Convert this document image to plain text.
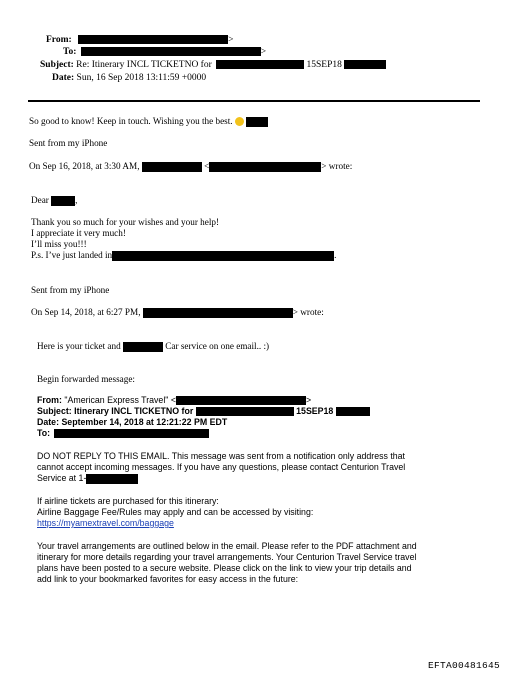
From:	>
To:	>
Subject: Re: Itinerary INCL TICKETNO for	15SEP18
Date: Sun, 16 Sep 2018 13:11:59 +0000
So good to know! Keep in touch. Wishing you the best.
Sent from my iPhone
On Sep 16, 2018, at 3:30 AM,	<	> wrote:
Dear	,
Thank you so much for your wishes and your help!
I appreciate it very much!
I’ll miss you!!!
P.s. I’ve just landed in	.
Sent from my iPhone
On Sep 14, 2018, at 6:27 PM,	> wrote:
Here is your ticket and	Car service on one email.. :)
Begin forwarded message:
From: "American Express Travel" <	>
Subject: Itinerary INCL TICKETNO for	15SEP18
Date: September 14, 2018 at 12:21:22 PM EDT
To:
DO NOT REPLY TO THIS EMAIL. This message was sent from a notification only address that
cannot accept incoming messages. If you have any questions, please contact Centurion Travel
Service at 1-
If airline tickets are purchased for this itinerary:
Airline Baggage Fee/Rules may apply and can be accessed by visiting:
https://myamextravel.com/baggage
Your travel arrangements are outlined below in the email. Please refer to the PDF attachment and
itinerary for more details regarding your travel arrangements. Your Centurion Travel Service travel
plans have been posted to a secure website. Please click on the link to view your trip details and
add link to your bookmarked favorites for easy access in the future:
EFTA00481645
